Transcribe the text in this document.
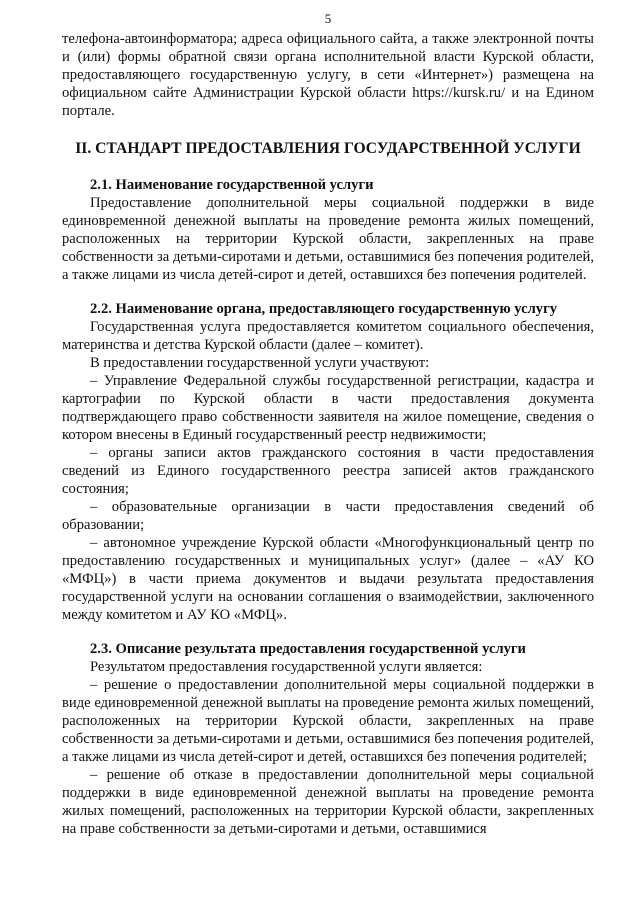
5

телефона-автоинформатора; адреса официального сайта, а также электронной почты и (или) формы обратной связи органа исполнительной власти Курской области, предоставляющего государственную услугу, в сети «Интернет») размещена на официальном сайте Администрации Курской области https://kursk.ru/ и на Едином портале.

II. СТАНДАРТ ПРЕДОСТАВЛЕНИЯ ГОСУДАРСТВЕННОЙ УСЛУГИ

2.1. Наименование государственной услуги

Предоставление дополнительной меры социальной поддержки в виде единовременной денежной выплаты на проведение ремонта жилых помещений, расположенных на территории Курской области, закрепленных на праве собственности за детьми-сиротами и детьми, оставшимися без попечения родителей, а также лицами из числа детей-сирот и детей, оставшихся без попечения родителей.

2.2. Наименование органа, предоставляющего государственную услугу

Государственная услуга предоставляется комитетом социального обеспечения, материнства и детства Курской области (далее – комитет).

В предоставлении государственной услуги участвуют:

– Управление Федеральной службы государственной регистрации, кадастра и картографии по Курской области в части предоставления документа подтверждающего право собственности заявителя на жилое помещение, сведения о котором внесены в Единый государственный реестр недвижимости;

– органы записи актов гражданского состояния в части предоставления сведений из Единого государственного реестра записей актов гражданского состояния;

– образовательные организации в части предоставления сведений об образовании;

– автономное учреждение Курской области «Многофункциональный центр по предоставлению государственных и муниципальных услуг» (далее – «АУ КО «МФЦ») в части приема документов и выдачи результата предоставления государственной услуги на основании соглашения о взаимодействии, заключенного между комитетом и АУ КО «МФЦ».

2.3. Описание результата предоставления государственной услуги

Результатом предоставления государственной услуги является:

– решение о предоставлении дополнительной меры социальной поддержки в виде единовременной денежной выплаты на проведение ремонта жилых помещений, расположенных на территории Курской области, закрепленных на праве собственности за детьми-сиротами и детьми, оставшимися без попечения родителей, а также лицами из числа детей-сирот и детей, оставшихся без попечения родителей;

– решение об отказе в предоставлении дополнительной меры социальной поддержки в виде единовременной денежной выплаты на проведение ремонта жилых помещений, расположенных на территории Курской области, закрепленных на праве собственности за детьми-сиротами и детьми, оставшимися
